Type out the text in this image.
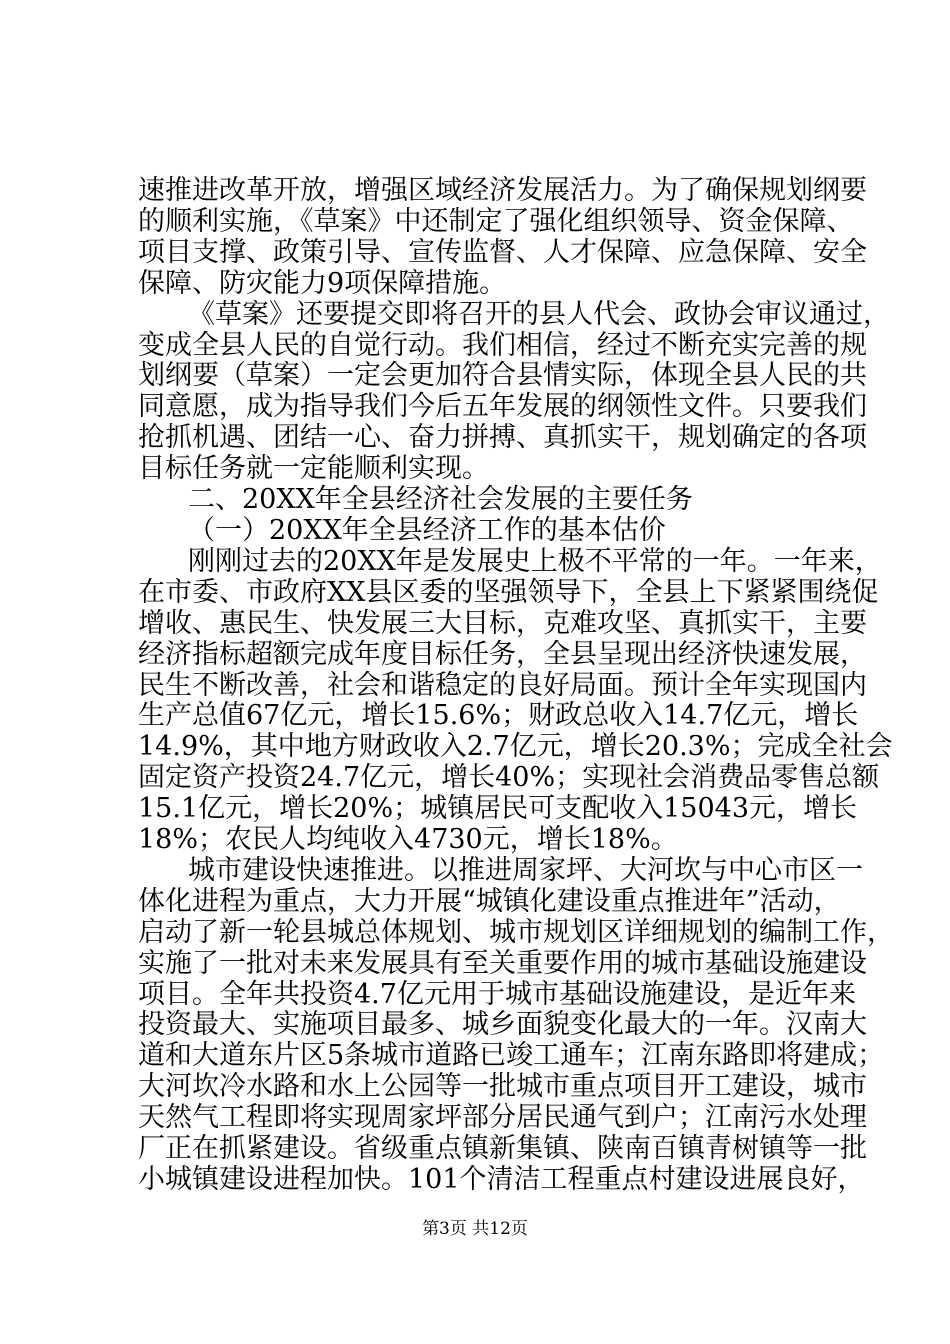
速推进改革开放，增强区域经济发展活力。为了确保规划纲要
的顺利实施，《草案》中还制定了强化组织领导、资金保障、
项目支撑、政策引导、宣传监督、人才保障、应急保障、安全
保障、防灾能力9项保障措施。
《草案》还要提交即将召开的县人代会、政协会审议通过，
变成全县人民的自觉行动。我们相信，经过不断充实完善的规
划纲要（草案）一定会更加符合县情实际，体现全县人民的共
同意愿，成为指导我们今后五年发展的纲领性文件。只要我们
抢抓机遇、团结一心、奋力拼搏、真抓实干，规划确定的各项
目标任务就一定能顺利实现。
二、20XX年全县经济社会发展的主要任务
（一）20XX年全县经济工作的基本估价
刚刚过去的20XX年是发展史上极不平常的一年。一年来，
在市委、市政府XX县区委的坚强领导下，全县上下紧紧围绕促
增收、惠民生、快发展三大目标，克难攻坚、真抓实干，主要
经济指标超额完成年度目标任务，全县呈现出经济快速发展，
民生不断改善，社会和谐稳定的良好局面。预计全年实现国内
生产总值67亿元，增长15.6%；财政总收入14.7亿元，增长
14.9%，其中地方财政收入2.7亿元，增长20.3%；完成全社会
固定资产投资24.7亿元，增长40%；实现社会消费品零售总额
15.1亿元，增长20%；城镇居民可支配收入15043元，增长
18%；农民人均纯收入4730元，增长18%。
城市建设快速推进。以推进周家坪、大河坎与中心市区一
体化进程为重点，大力开展“城镇化建设重点推进年”活动，
启动了新一轮县城总体规划、城市规划区详细规划的编制工作，
实施了一批对未来发展具有至关重要作用的城市基础设施建设
项目。全年共投资4.7亿元用于城市基础设施建设，是近年来
投资最大、实施项目最多、城乡面貌变化最大的一年。汉南大
道和大道东片区5条城市道路已竣工通车；江南东路即将建成；
大河坎冷水路和水上公园等一批城市重点项目开工建设，城市
天然气工程即将实现周家坪部分居民通气到户；江南污水处理
厂正在抓紧建设。省级重点镇新集镇、陕南百镇青树镇等一批
小城镇建设进程加快。101个清洁工程重点村建设进展良好，
第3页 共12页
